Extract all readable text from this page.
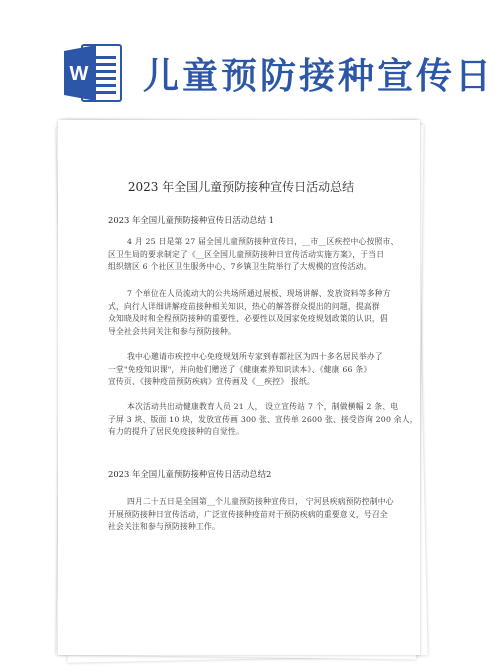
W 儿童预防接种宣传日
2023 年全国儿童预防接种宣传日活动总结
2023 年全国儿童预防接种宣传日活动总结 1
4 月 25 日是第 27 届全国儿童预防接种宣传日，__市__区疾控中心按照市、
区卫生局的要求制定了《__区全国儿童预防接种日宣传活动实施方案》，于当日
组织辖区 6 个社区卫生服务中心、7乡镇卫生院举行了大规模的宣传活动。
7 个单位在人员流动大的公共场所通过展板、现场讲解、发放资料等多种方
式，向行人详细讲解疫苗接种相关知识，热心的解答群众提出的问题，提高群
众知晓及时和全程预防接种的重要性、必要性以及国家免疫规划政策的认识，倡
导全社会共同关注和参与预防接种。
我中心邀请市疾控中心免疫规划所专家到春都社区为四十多名居民举办了
一堂"免疫知识课"，并向他们赠送了《健康素养知识读本》、《健康 66 条》
宣传页、《接种疫苗预防疾病》宣传画及《__疾控》 报纸。
本次活动共出动健康教育人员 21 人， 设立宣传站 7 个，制做横幅 2 条、电
子屏 3 块、版面 10 块，发放宣传画 300 张、宣传单 2600 张、接受咨询 200 余人，
有力的提升了居民免疫接种的自觉性。
2023 年全国儿童预防接种宣传日活动总结2
四月二十五日是全国第__个儿童预防接种宣传日， 宁河县疾病预防控制中心
开展预防接种日宣传活动，广泛宣传接种疫苗对于预防疾病的重要意义，号召全
社会关注和参与预防接种工作。
